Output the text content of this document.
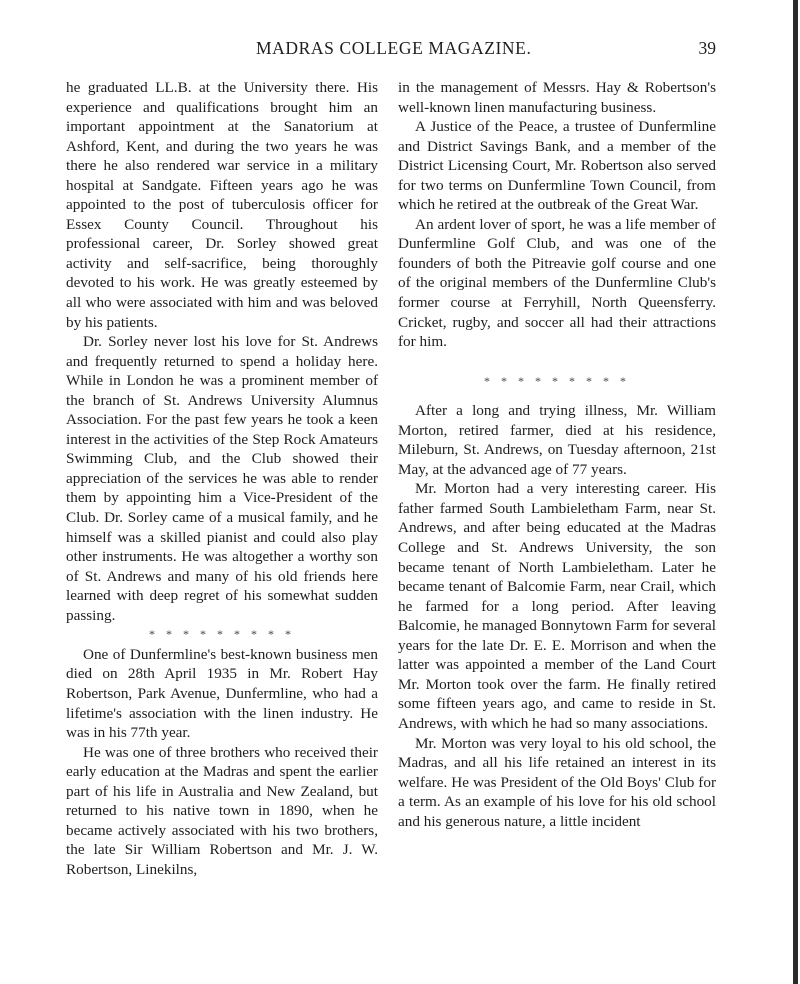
MADRAS COLLEGE MAGAZINE.	39

he graduated LL.B. at the University there. His experience and qualifications brought him an important appointment at the Sanatorium at Ashford, Kent, and during the two years he was there he also rendered war service in a military hospital at Sandgate. Fifteen years ago he was appointed to the post of tuberculosis officer for Essex County Council. Throughout his professional career, Dr. Sorley showed great activity and self-sacrifice, being thoroughly devoted to his work. He was greatly esteemed by all who were associated with him and was beloved by his patients.

Dr. Sorley never lost his love for St. Andrews and frequently returned to spend a holiday here. While in London he was a prominent member of the branch of St. Andrews University Alumnus Association. For the past few years he took a keen interest in the activities of the Step Rock Amateurs Swimming Club, and the Club showed their appreciation of the services he was able to render them by appointing him a Vice-President of the Club. Dr. Sorley came of a musical family, and he himself was a skilled pianist and could also play other instruments. He was altogether a worthy son of St. Andrews and many of his old friends here learned with deep regret of his somewhat sudden passing.

* * * * * * * * *

One of Dunfermline's best-known business men died on 28th April 1935 in Mr. Robert Hay Robertson, Park Avenue, Dunfermline, who had a lifetime's association with the linen industry. He was in his 77th year.

He was one of three brothers who received their early education at the Madras and spent the earlier part of his life in Australia and New Zealand, but returned to his native town in 1890, when he became actively associated with his two brothers, the late Sir William Robertson and Mr. J. W. Robertson, Linekilns,

in the management of Messrs. Hay & Robertson's well-known linen manufacturing business.

A Justice of the Peace, a trustee of Dunfermline and District Savings Bank, and a member of the District Licensing Court, Mr. Robertson also served for two terms on Dunfermline Town Council, from which he retired at the outbreak of the Great War.

An ardent lover of sport, he was a life member of Dunfermline Golf Club, and was one of the founders of both the Pitreavie golf course and one of the original members of the Dunfermline Club's former course at Ferryhill, North Queensferry. Cricket, rugby, and soccer all had their attractions for him.

* * * * * * * * *

After a long and trying illness, Mr. William Morton, retired farmer, died at his residence, Mileburn, St. Andrews, on Tuesday afternoon, 21st May, at the advanced age of 77 years.

Mr. Morton had a very interesting career. His father farmed South Lambieletham Farm, near St. Andrews, and after being educated at the Madras College and St. Andrews University, the son became tenant of North Lambieletham. Later he became tenant of Balcomie Farm, near Crail, which he farmed for a long period. After leaving Balcomie, he managed Bonnytown Farm for several years for the late Dr. E. E. Morrison and when the latter was appointed a member of the Land Court Mr. Morton took over the farm. He finally retired some fifteen years ago, and came to reside in St. Andrews, with which he had so many associations.

Mr. Morton was very loyal to his old school, the Madras, and all his life retained an interest in its welfare. He was President of the Old Boys' Club for a term. As an example of his love for his old school and his generous nature, a little incident
